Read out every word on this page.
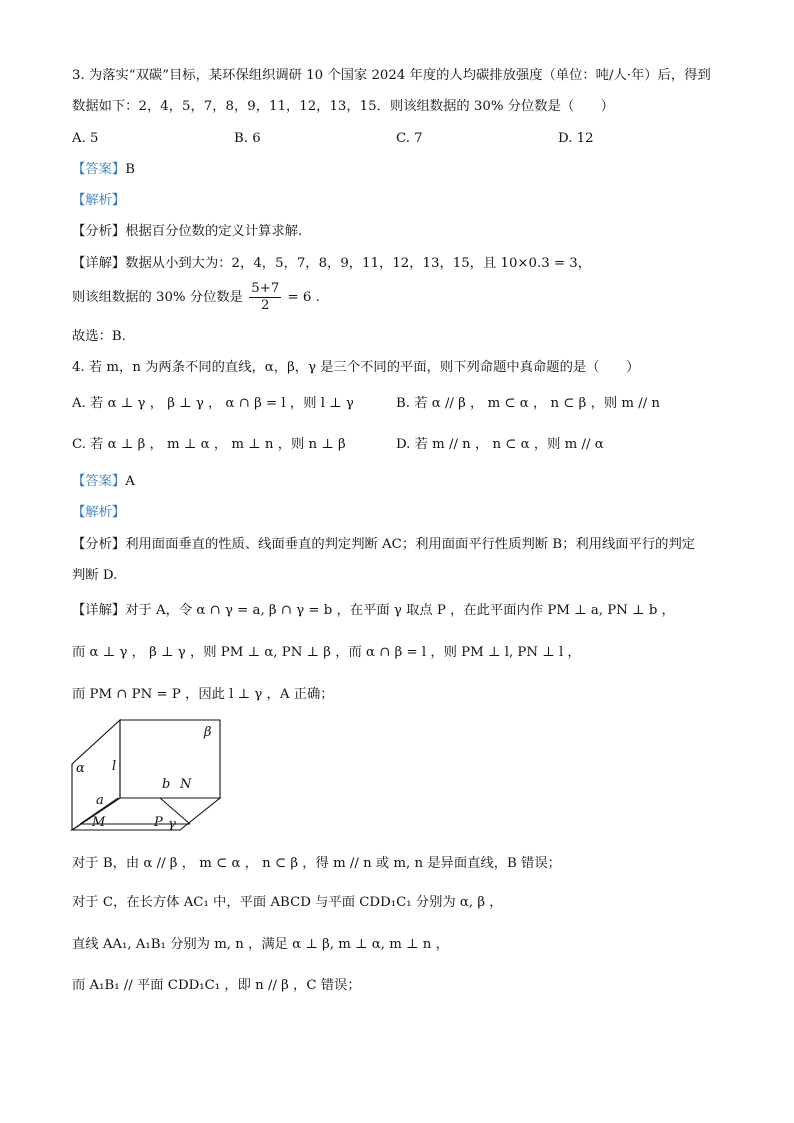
3. 为落实“双碳”目标，某环保组织调研 10 个国家 2024 年度的人均碳排放强度（单位：吨/人·年）后，得到
数据如下：2，4，5，7，8，9，11，12，13，15．则该组数据的 30% 分位数是（　　）
A. 5	B. 6	C. 7	D. 12
【答案】B
【解析】
【分析】根据百分位数的定义计算求解.
【详解】数据从小到大为：2，4，5，7，8，9，11，12，13，15，且 10×0.3 = 3，
则该组数据的 30% 分位数是 $\frac{5+7}{2} = 6$ .
故选：B.
4. 若 m，n 为两条不同的直线，α，β，γ 是三个不同的平面，则下列命题中真命题的是（　　）
A. 若 α ⊥ γ ， β ⊥ γ ， α ∩ β = l ，则 l ⊥ γ	B. 若 α // β ， m ⊂ α ， n ⊂ β ，则 m // n
C. 若 α ⊥ β ， m ⊥ α ， m ⊥ n ，则 n ⊥ β	D. 若 m // n ， n ⊂ α ，则 m // α
【答案】A
【解析】
【分析】利用面面垂直的性质、线面垂直的判定判断 AC；利用面面平行性质判断 B；利用线面平行的判定
判断 D.
【详解】对于 A，令 α ∩ γ = a, β ∩ γ = b ，在平面 γ 取点 P ，在此平面内作 PM ⊥ a, PN ⊥ b ，
而 α ⊥ γ ， β ⊥ γ ，则 PM ⊥ α, PN ⊥ β ，而 α ∩ β = l ，则 PM ⊥ l, PN ⊥ l ，
而 PM ∩ PN = P ，因此 l ⊥ γ ，A 正确；
α l
β
a
b N
M	P γ
对于 B，由 α // β ， m ⊂ α ， n ⊂ β ，得 m // n 或 m, n 是异面直线，B 错误；
对于 C，在长方体 AC₁ 中，平面 ABCD 与平面 CDD₁C₁ 分别为 α, β ，
直线 AA₁, A₁B₁ 分别为 m, n ，满足 α ⊥ β, m ⊥ α, m ⊥ n ，
而 A₁B₁ // 平面 CDD₁C₁ ，即 n // β ，C 错误；
